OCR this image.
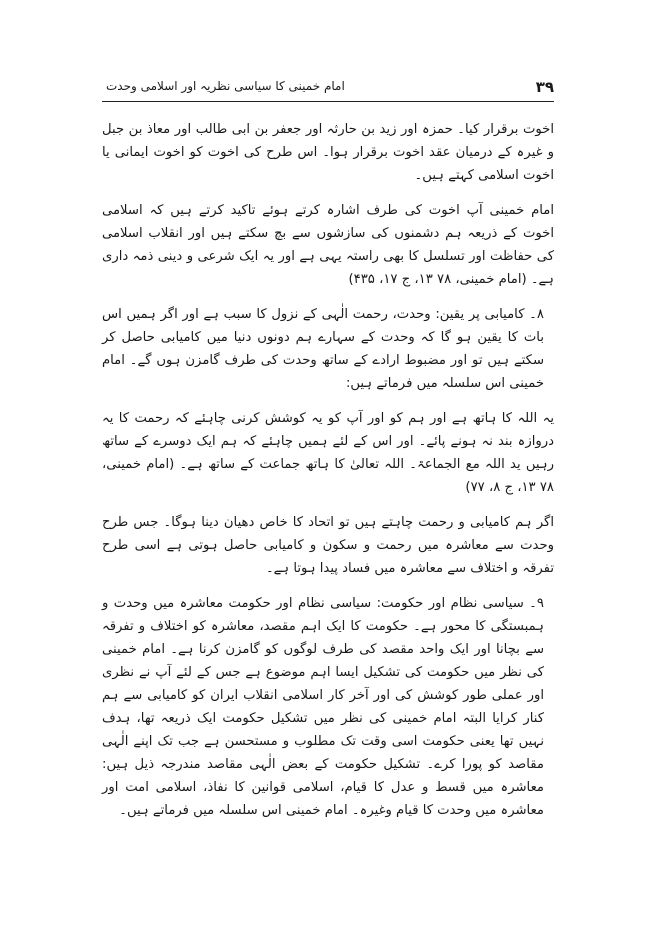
۳۹
امام خمینی کا سیاسی نظریہ اور اسلامی وحدت

اخوت برقرار کیا۔ حمزہ اور زید بن حارثہ اور جعفر بن ابی طالب اور معاذ بن جبل و غیرہ کے درمیان عقد اخوت برقرار ہوا۔ اس طرح کی اخوت کو اخوت ایمانی یا اخوت اسلامی کہتے ہیں۔

امام خمینی آپ اخوت کی طرف اشارہ کرتے ہوئے تاکید کرتے ہیں کہ اسلامی اخوت کے ذریعہ ہم دشمنوں کی سازشوں سے بچ سکتے ہیں اور انقلاب اسلامی کی حفاظت اور تسلسل کا بھی راستہ یہی ہے اور یہ ایک شرعی و دینی ذمہ داری ہے۔ (امام خمینی، ۷۸ ۱۳، ج ۱۷، ۴۳۵)

۸۔ کامیابی پر یقین: وحدت، رحمت الٰہی کے نزول کا سبب ہے اور اگر ہمیں اس بات کا یقین ہو گا کہ وحدت کے سہارے ہم دونوں دنیا میں کامیابی حاصل کر سکتے ہیں تو اور مضبوط ارادے کے ساتھ وحدت کی طرف گامزن ہوں گے۔ امام خمینی اس سلسلہ میں فرماتے ہیں:

یہ اللہ کا ہاتھ ہے اور ہم کو اور آپ کو یہ کوشش کرنی چاہئے کہ رحمت کا یہ دروازہ بند نہ ہونے پائے۔ اور اس کے لئے ہمیں چاہئے کہ ہم ایک دوسرے کے ساتھ رہیں ید اللہ مع الجماعۃ۔ اللہ تعالیٰ کا ہاتھ جماعت کے ساتھ ہے۔ (امام خمینی، ۷۸ ۱۳، ج ۸، ۷۷)

اگر ہم کامیابی و رحمت چاہتے ہیں تو اتحاد کا خاص دھیان دینا ہوگا۔ جس طرح وحدت سے معاشرہ میں رحمت و سکون و کامیابی حاصل ہوتی ہے اسی طرح تفرقہ و اختلاف سے معاشرہ میں فساد پیدا ہوتا ہے۔

۹۔ سیاسی نظام اور حکومت: سیاسی نظام اور حکومت معاشرہ میں وحدت و ہمبستگی کا محور ہے۔ حکومت کا ایک اہم مقصد، معاشرہ کو اختلاف و تفرقہ سے بچانا اور ایک واحد مقصد کی طرف لوگوں کو گامزن کرنا ہے۔ امام خمینی کی نظر میں حکومت کی تشکیل ایسا اہم موضوع ہے جس کے لئے آپ نے نظری اور عملی طور کوشش کی اور آخر کار اسلامی انقلاب ایران کو کامیابی سے ہم کنار کرایا البتہ امام خمینی کی نظر میں تشکیل حکومت ایک ذریعہ تھا، ہدف نہیں تھا یعنی حکومت اسی وقت تک مطلوب و مستحسن ہے جب تک اپنے الٰہی مقاصد کو پورا کرے۔ تشکیل حکومت کے بعض الٰہی مقاصد مندرجہ ذیل ہیں: معاشرہ میں قسط و عدل کا قیام، اسلامی قوانین کا نفاذ، اسلامی امت اور معاشرہ میں وحدت کا قیام وغیرہ۔ امام خمینی اس سلسلہ میں فرماتے ہیں۔
